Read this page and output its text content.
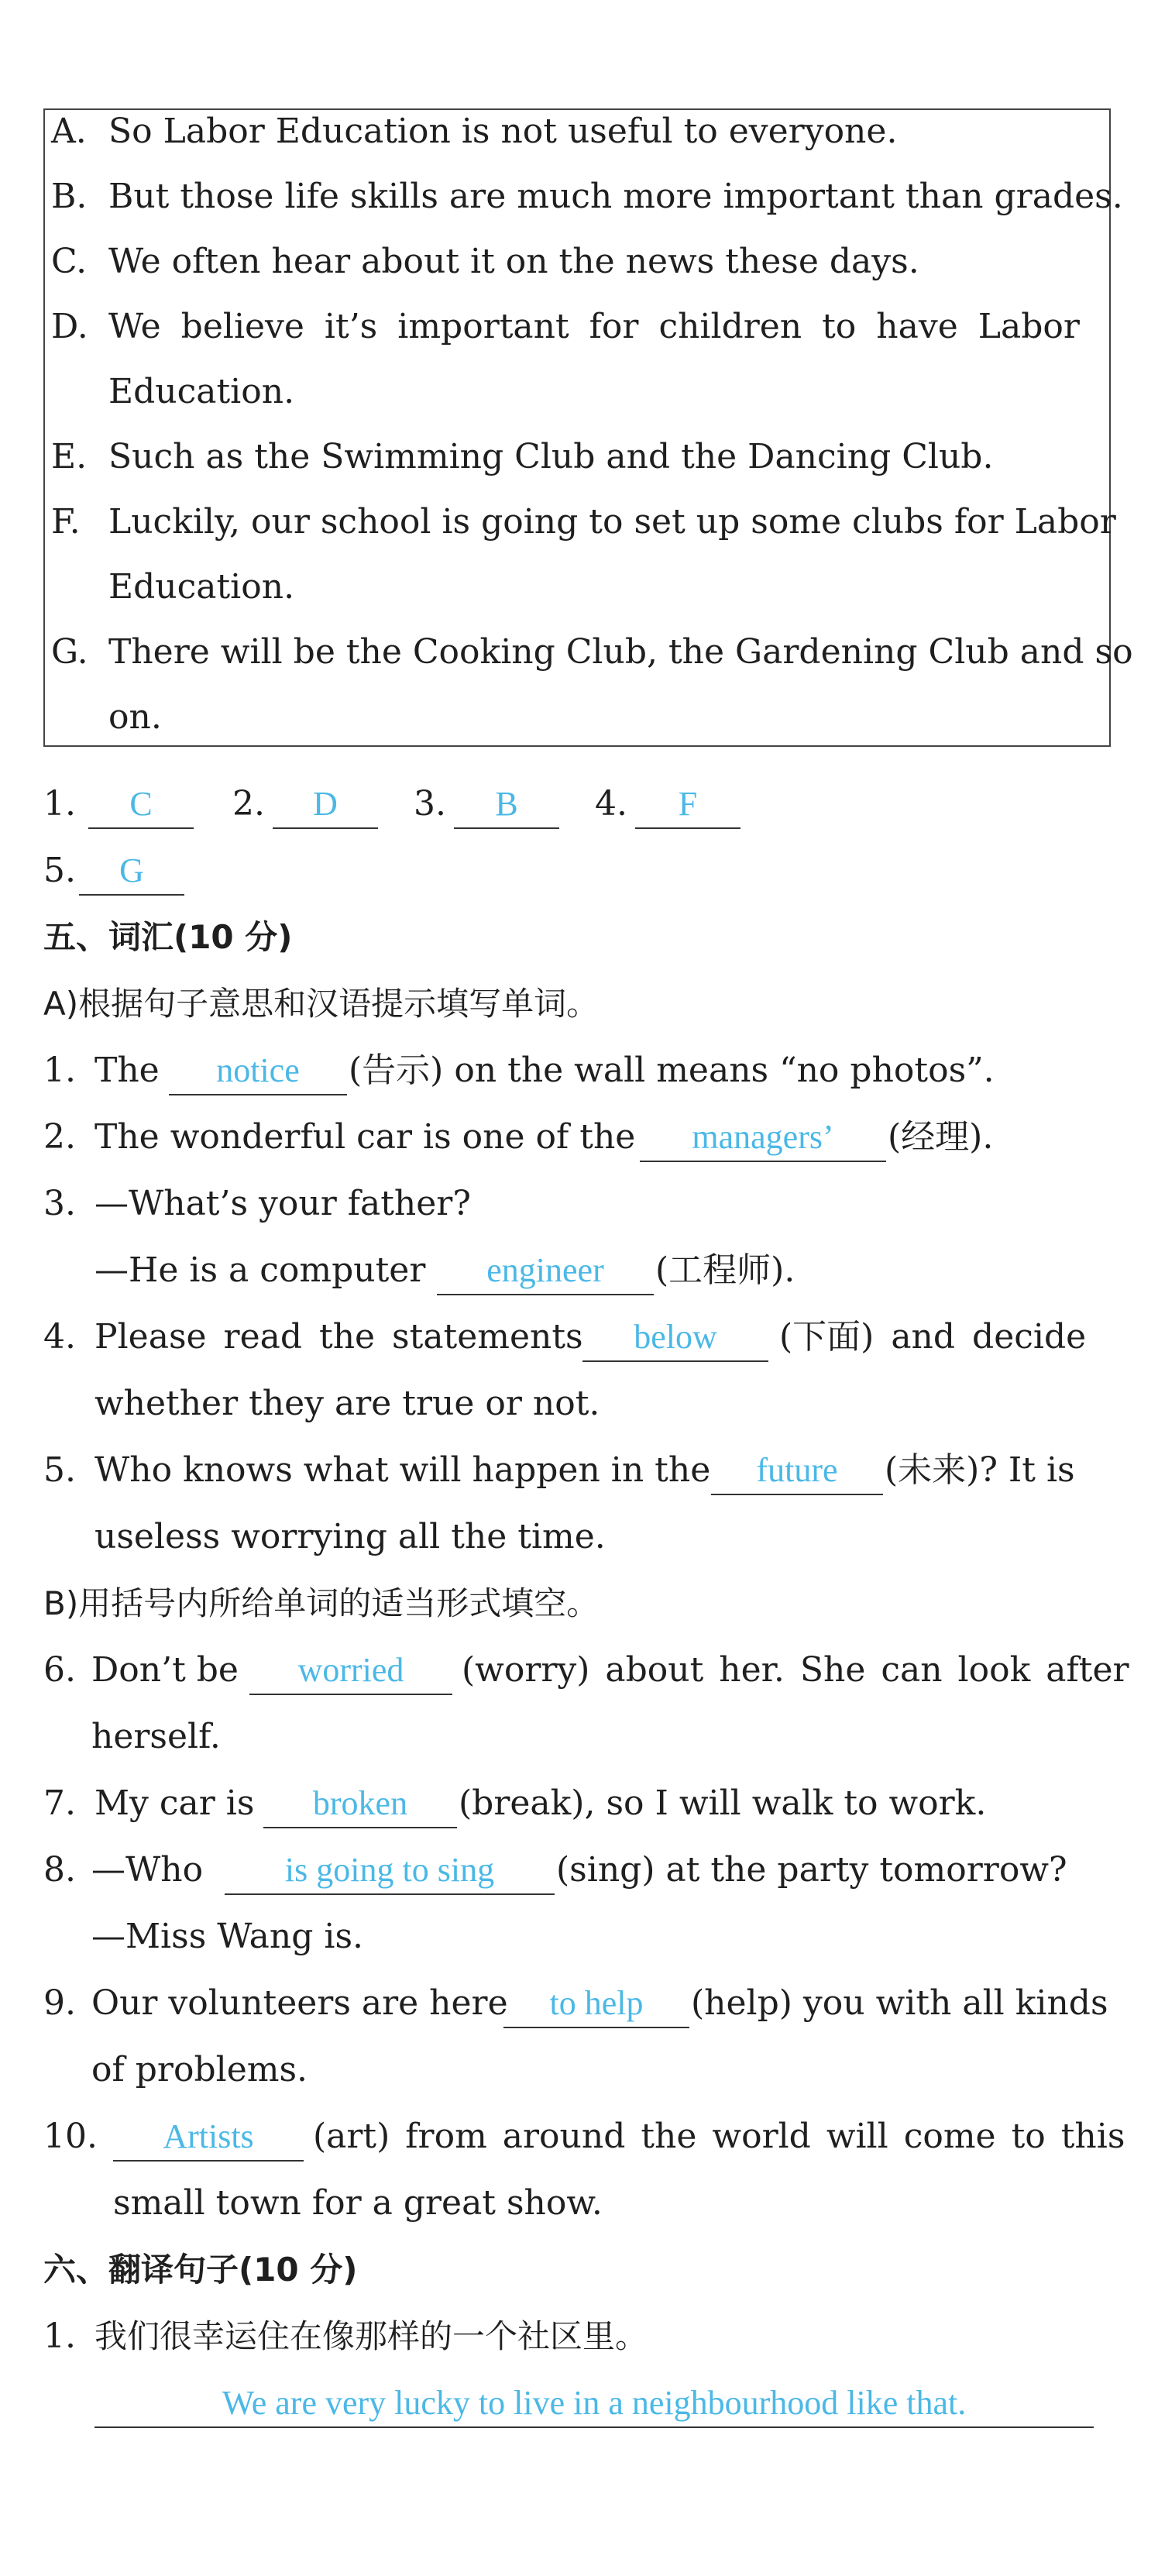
A. So Labor Education is not useful to everyone.
B. But those life skills are much more important than grades.
C. We often hear about it on the news these days.
D. We believe it’s important for children to have Labor
Education.
E. Such as the Swimming Club and the Dancing Club.
F. Luckily, our school is going to set up some clubs for Labor
Education.
G. There will be the Cooking Club, the Gardening Club and so
on.
1.	C	2.	D	3.	B	4.	F
5.	G
五、词汇(10 分)
A)根据句子意思和汉语提示填写单词。
1. The	notice	(告示) on the wall means “no photos”.
2. The wonderful car is one of the	managers’	(经理).
3. —What’s your father?
—He is a computer	engineer	(工程师).
4. Please read the statements	below	(下面) and decide
whether they are true or not.
5. Who knows what will happen in the	future	(未来)? It is
useless worrying all the time.
B)用括号内所给单词的适当形式填空。
6. Don’t be	worried	(worry) about her. She can look after
herself.
7. My car is	broken	(break), so I will walk to work.
8. —Who	is going to sing	(sing) at the party tomorrow?
—Miss Wang is.
9. Our volunteers are here	to help	(help) you with all kinds
of problems.
10.	Artists	(art) from around the world will come to this
small town for a great show.
六、翻译句子(10 分)
1. 我们很幸运住在像那样的一个社区里。
We are very lucky to live in a neighbourhood like that.
